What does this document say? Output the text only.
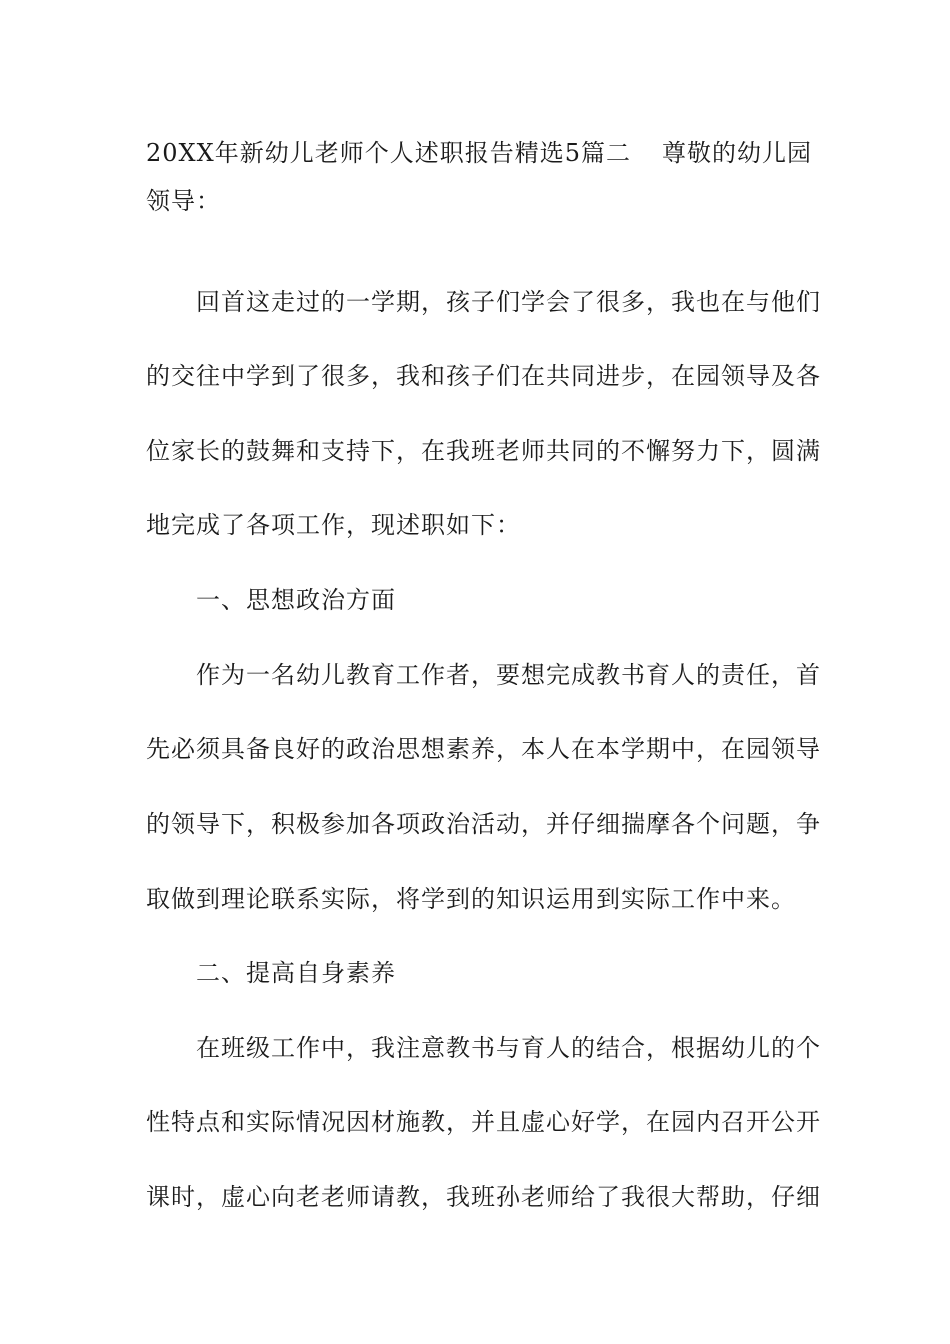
20XX年新幼儿老师个人述职报告精选5篇二	尊敬的幼儿园
领导：
回首这走过的一学期，孩子们学会了很多，我也在与他们
的交往中学到了很多，我和孩子们在共同进步，在园领导及各
位家长的鼓舞和支持下，在我班老师共同的不懈努力下，圆满
地完成了各项工作，现述职如下：
一、思想政治方面
作为一名幼儿教育工作者，要想完成教书育人的责任，首
先必须具备良好的政治思想素养，本人在本学期中，在园领导
的领导下，积极参加各项政治活动，并仔细揣摩各个问题，争
取做到理论联系实际，将学到的知识运用到实际工作中来。
二、提高自身素养
在班级工作中，我注意教书与育人的结合，根据幼儿的个
性特点和实际情况因材施教，并且虚心好学，在园内召开公开
课时，虚心向老老师请教，我班孙老师给了我很大帮助，仔细
